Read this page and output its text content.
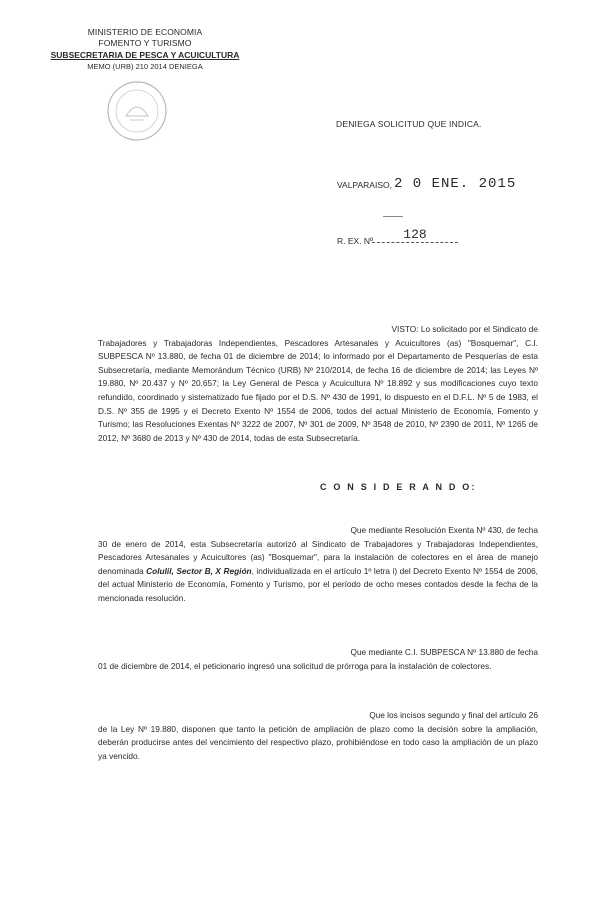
MINISTERIO DE ECONOMIA
FOMENTO Y TURISMO
SUBSECRETARIA DE PESCA Y ACUICULTURA
MEMO (URB) 210 2014 DENIEGA
DENIEGA SOLICITUD QUE INDICA.
VALPARAISO, 2 0 ENE. 2015
R. EX. Nº	128

VISTO: Lo solicitado por el Sindicato de

Trabajadores y Trabajadoras Independientes, Pescadores Artesanales y Acuicultores (as) "Bosquemar", C.I. SUBPESCA Nº 13.880, de fecha 01 de diciembre de 2014; lo informado por el Departamento de Pesquerías de esta Subsecretaría, mediante Memorándum Técnico (URB) Nº 210/2014, de fecha 16 de diciembre de 2014; las Leyes Nº 19.880, Nº 20.437 y Nº 20.657; la Ley General de Pesca y Acuicultura Nº 18.892 y sus modificaciones cuyo texto refundido, coordinado y sistematizado fue fijado por el D.S. Nº 430 de 1991, lo dispuesto en el D.F.L. Nº 5 de 1983, el D.S. Nº 355 de 1995 y el Decreto Exento Nº 1554 de 2006, todos del actual Ministerio de Economía, Fomento y Turismo; las Resoluciones Exentas Nº 3222 de 2007, Nº 301 de 2009, Nº 3548 de 2010, Nº 2390 de 2011, Nº 1265 de 2012, Nº 3680 de 2013 y Nº 430 de 2014, todas de esta Subsecretaría.

C O N S I D E R A N D O:

Que mediante Resolución Exenta Nº 430, de fecha

30 de enero de 2014, esta Subsecretaría autorizó al Sindicato de Trabajadores y Trabajadoras Independientes, Pescadores Artesanales y Acuicultores (as) "Bosquemar", para la instalación de colectores en el área de manejo denominada Colulil, Sector B, X Región, individualizada en el artículo 1º letra i) del Decreto Exento Nº 1554 de 2006, del actual Ministerio de Economía, Fomento y Turismo, por el período de ocho meses contados desde la fecha de la mencionada resolución.

Que mediante C.I. SUBPESCA Nº 13.880 de fecha

01 de diciembre de 2014, el peticionario ingresó una solicitud de prórroga para la instalación de colectores.

Que los incisos segundo y final del artículo 26

de la Ley Nº 19.880, disponen que tanto la petición de ampliación de plazo como la decisión sobre la ampliación, deberán producirse antes del vencimiento del respectivo plazo, prohibiéndose en todo caso la ampliación de un plazo ya vencido.
